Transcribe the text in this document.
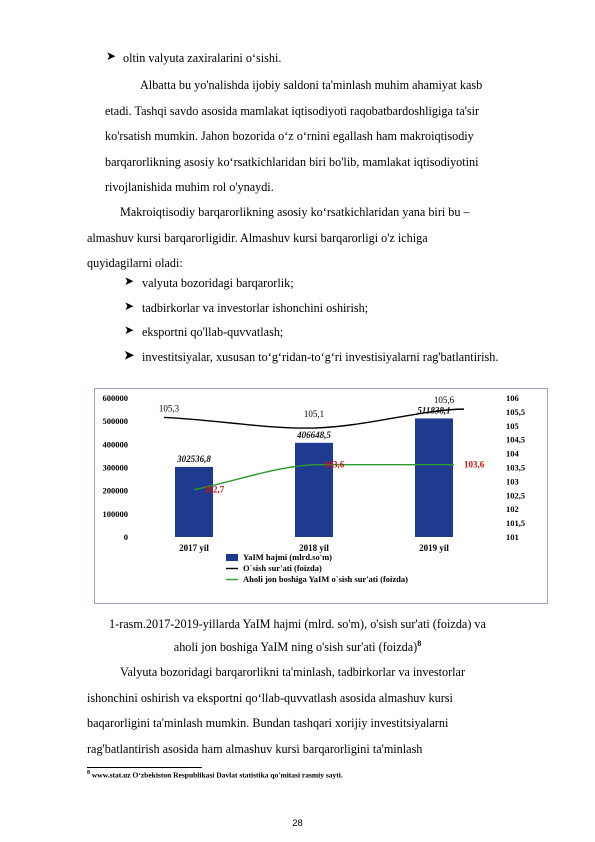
➤ oltin valyuta zaxiralarini o‘sishi.
Albatta bu yo'nalishda ijobiy saldoni ta'minlash muhim ahamiyat kasb
etadi. Tashqi savdo asosida mamlakat iqtisodiyoti raqobatbardoshligiga ta'sir
ko'rsatish mumkin. Jahon bozorida o‘z o‘rnini egallash ham makroiqtisodiy
barqarorlikning asosiy ko‘rsatkichlaridan biri bo'lib, mamlakat iqtisodiyotini
rivojlanishida muhim rol o'ynaydi.
Makroiqtisodiy barqarorlikning asosiy ko‘rsatkichlaridan yana biri bu –
almashuv kursi barqarorligidir. Almashuv kursi barqarorligi o'z ichiga
quyidagilarni oladi:
➤ valyuta bozoridagi barqarorlik;
➤ tadbirkorlar va investorlar ishonchini oshirish;
➤ eksportni qo'llab-quvvatlash;
➤ investitsiyalar, xususan to‘g‘ridan-to‘g‘ri investisiyalarni rag'batlantirish.
0
100000
200000
300000
400000
500000
600000
101
101,5
102
102,5
103
103,5
104
104,5
105
105,5
106
302536,8
406648,5
511838,1
2017 yil	2018 yil	2019 yil
105,3
105,1
105,6
102,7
103,6	103,6
YaIM hajmi (mlrd.so'm)
O`sish sur'ati (foizda)
Aholi jon boshiga YaIM o`sish sur'ati (foizda)
1-rasm.2017-2019-yillarda YaIM hajmi (mlrd. so'm), o'sish sur'ati (foizda) va
aholi jon boshiga YaIM ning o'sish sur'ati (foizda)$^8$
Valyuta bozoridagi barqarorlikni ta'minlash, tadbirkorlar va investorlar
ishonchini oshirish va eksportni qo‘llab-quvvatlash asosida almashuv kursi
baqarorligini ta'minlash mumkin. Bundan tashqari xorijiy investitsiyalarni
rag'batlantirish asosida ham almashuv kursi barqarorligini ta'minlash
$^8$ www.stat.uz O‘zbekiston Respublikasi Davlat statistika qo'mitasi rasmiy sayti.
28
